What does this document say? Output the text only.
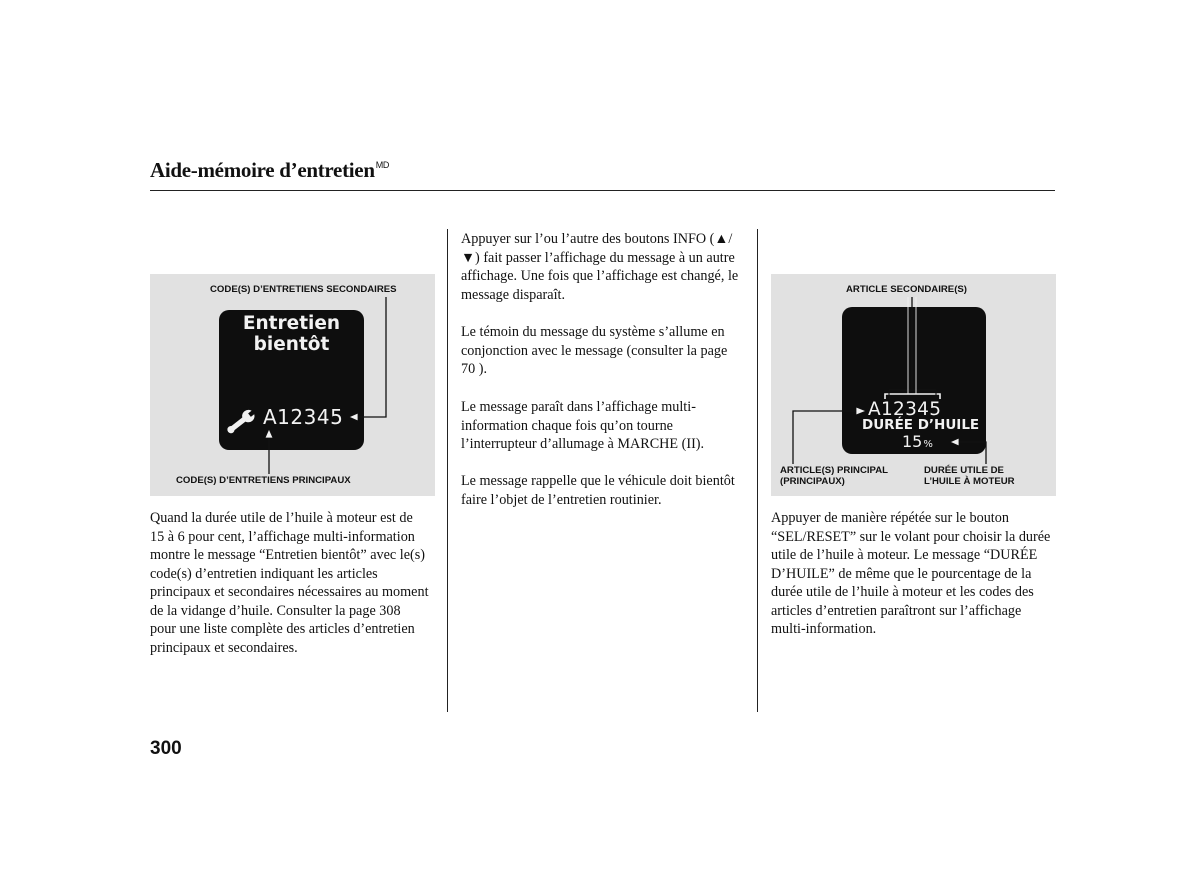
Aide-mémoire d’entretien$^{MD}$
CODE(S) D’ENTRETIENS SECONDAIRES
Entretien
bientôt
A12345
CODE(S) D’ENTRETIENS PRINCIPAUX

Quand la durée utile de l’huile à moteur est de 15 à 6 pour cent, l’affichage multi-information montre le message “Entretien bientôt” avec le(s) code(s) d’entretien indiquant les articles principaux et secondaires nécessaires au moment de la vidange d’huile. Consulter la page 308 pour une liste complète des articles d’entretien principaux et secondaires.

Appuyer sur l’ou l’autre des boutons INFO (▲/▼) fait passer l’affichage du message à un autre affichage. Une fois que l’affichage est changé, le message disparaît.

Le témoin du message du système s’allume en conjonction avec le message (consulter la page 70 ).

Le message paraît dans l’affichage multi-information chaque fois qu’on tourne l’interrupteur d’allumage à MARCHE (II).

Le message rappelle que le véhicule doit bientôt faire l’objet de l’entretien routinier.

ARTICLE SECONDAIRE(S)
A12345
DURÉE D’HUILE
15%
ARTICLE(S) PRINCIPAL
(PRINCIPAUX)
DURÉE UTILE DE
L’HUILE À MOTEUR

Appuyer de manière répétée sur le bouton “SEL/RESET” sur le volant pour choisir la durée utile de l’huile à moteur. Le message “DURÉE D’HUILE” de même que le pourcentage de la durée utile de l’huile à moteur et les codes des articles d’entretien paraîtront sur l’affichage multi-information.

300
